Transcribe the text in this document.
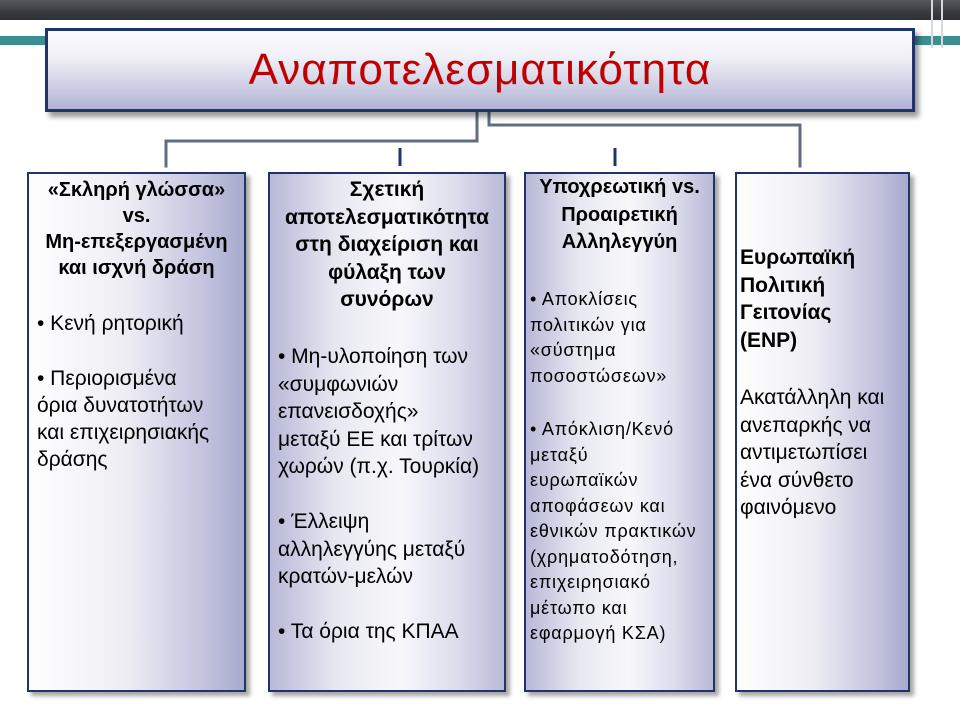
Αναποτελεσματικότητα
«Σκληρή γλώσσα»
vs.
Μη-επεξεργασμένη
και ισχνή δράση
• Κενή ρητορική
• Περιορισμένα
όρια δυνατοτήτων
και επιχειρησιακής
δράσης
Σχετική
αποτελεσματικότητα
στη διαχείριση και
φύλαξη των
συνόρων
• Μη-υλοποίηση των
«συμφωνιών
επανεισδοχής»
μεταξύ ΕΕ και τρίτων
χωρών (π.χ. Τουρκία)
• Έλλειψη
αλληλεγγύης μεταξύ
κρατών-μελών
• Τα όρια της ΚΠΑΑ
Υποχρεωτική vs.
Προαιρετική
Αλληλεγγύη
• Αποκλίσεις
πολιτικών για
«σύστημα
ποσοστώσεων»
• Απόκλιση/Κενό
μεταξύ
ευρωπαϊκών
αποφάσεων και
εθνικών πρακτικών
(χρηματοδότηση,
επιχειρησιακό
μέτωπο και
εφαρμογή ΚΣΑ)
Ευρωπαϊκή
Πολιτική
Γειτονίας
(ENP)
Ακατάλληλη και
ανεπαρκής να
αντιμετωπίσει
ένα σύνθετο
φαινόμενο
